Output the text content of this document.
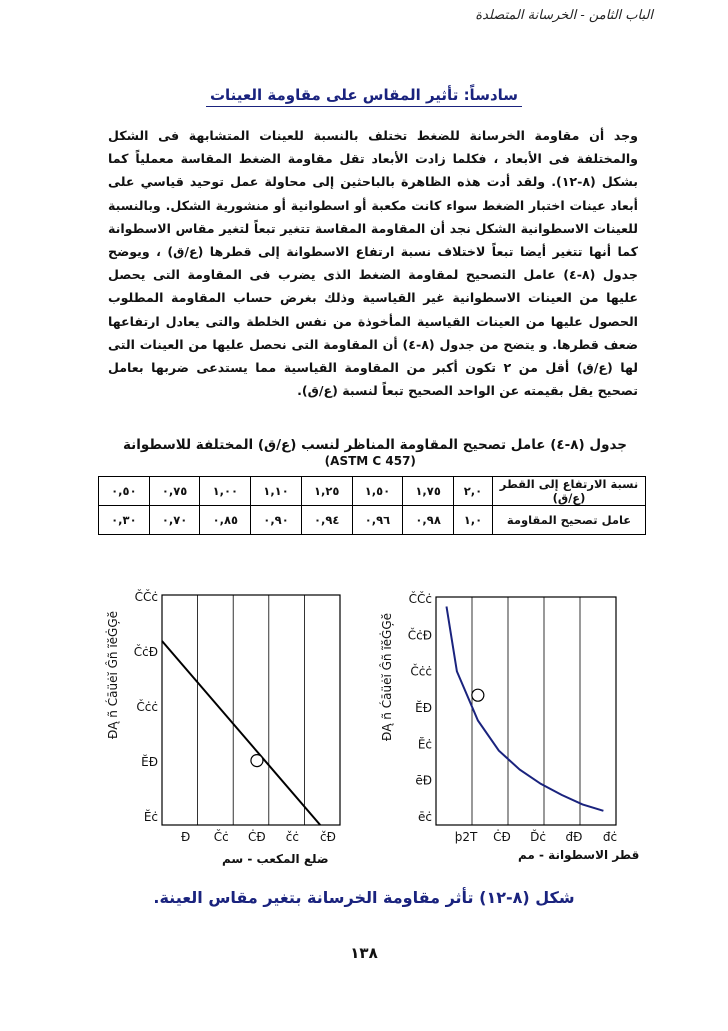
الباب الثامن - الخرسانة المتصلدة
سادساً: تأثير المقاس على مقاومة العينات
وجد أن مقاومة الخرسانة للضغط تختلف بالنسبة للعينات المتشابهة فى الشكل والمختلفة فى الأبعاد ، فكلما زادت الأبعاد تقل مقاومة الضغط المقاسة معملياً كما بشكل (٨-١٢). ولقد أدت هذه الظاهرة بالباحثين إلى محاولة عمل توحيد قياسي على أبعاد عينات اختبار الضغط سواء كانت مكعبة أو اسطوانية أو منشورية الشكل. وبالنسبة للعينات الاسطوانية الشكل نجد أن المقاومة المقاسة تتغير تبعاً لتغير مقاس الاسطوانة كما أنها تتغير أيضا تبعاً لاختلاف نسبة ارتفاع الاسطوانة إلى قطرها (ع/ق) ، ويوضح جدول (٨-٤) عامل التصحيح لمقاومة الضغط الذى يضرب فى المقاومة التى يحصل عليها من العينات الاسطوانية غير القياسية وذلك بغرض حساب المقاومة المطلوب الحصول عليها من العينات القياسية المأخوذة من نفس الخلطة والتى يعادل ارتفاعها ضعف قطرها. و يتضح من جدول (٨-٤) أن المقاومة التى نحصل عليها من العينات التى لها (ع/ق) أقل من ٢ تكون أكبر من المقاومة القياسية مما يستدعى ضربها بعامل تصحيح يقل بقيمته عن الواحد الصحيح تبعاً لنسبة (ع/ق).
جدول (٨-٤) عامل تصحيح المقاومة المناظر لنسب (ع/ق) المختلفة للاسطوانة   (ASTM C 457)
نسبة الارتفاع إلى القطر (ع/ق)	٢,٠	١,٧٥	١,٥٠	١,٢٥	١,١٠	١,٠٠	٠,٧٥	٠,٥٠
عامل تصحيح المقاومة	١,٠	٠,٩٨	٠,٩٦	٠,٩٤	٠,٩٠	٠,٨٥	٠,٧٠	٠,٣٠
Đ Čċ ĊĐ čċ čĐ
ČČċ
ČċĐ
Čċċ
ĔĐ
Ĕċ
ĐĄ ñ Ćāüėĭ Ĝñ ĩĕĠĢĕ
þ2T ĊĐ Ďċ đĐ đċ
ČČċ
ČċĐ
Čċċ
ĔĐ
Ĕċ
ēĐ
ēċ
ĐĄ ñ Ćāüėĭ Ĝñ ĩĕĠĢĕ
ضلع المكعب - سم	قطر الاسطوانة - مم
شكل (٨-١٢) تأثر مقاومة الخرسانة بتغير مقاس العينة.
١٣٨
